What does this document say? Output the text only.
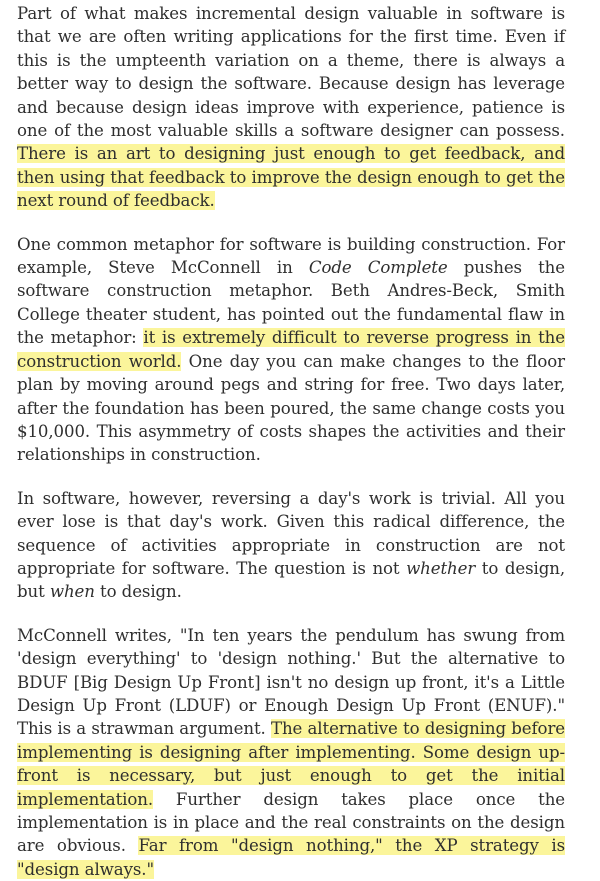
Part of what makes incremental design valuable in software is that we are often writing applications for the first time. Even if this is the umpteenth variation on a theme, there is always a better way to design the software. Because design has leverage and because design ideas improve with experience, patience is one of the most valuable skills a software designer can possess. There is an art to designing just enough to get feedback, and then using that feedback to improve the design enough to get the next round of feedback.

One common metaphor for software is building construction. For example, Steve McConnell in Code Complete pushes the software construction metaphor. Beth Andres-Beck, Smith College theater student, has pointed out the fundamental flaw in the metaphor: it is extremely difficult to reverse progress in the construction world. One day you can make changes to the floor plan by moving around pegs and string for free. Two days later, after the foundation has been poured, the same change costs you $10,000. This asymmetry of costs shapes the activities and their relationships in construction.

In software, however, reversing a day's work is trivial. All you ever lose is that day's work. Given this radical difference, the sequence of activities appropriate in construction are not appropriate for software. The question is not whether to design, but when to design.

McConnell writes, "In ten years the pendulum has swung from 'design everything' to 'design nothing.' But the alternative to BDUF [Big Design Up Front] isn't no design up front, it's a Little Design Up Front (LDUF) or Enough Design Up Front (ENUF)." This is a strawman argument. The alternative to designing before implementing is designing after implementing. Some design up-front is necessary, but just enough to get the initial implementation. Further design takes place once the implementation is in place and the real constraints on the design are obvious. Far from "design nothing," the XP strategy is "design always."
